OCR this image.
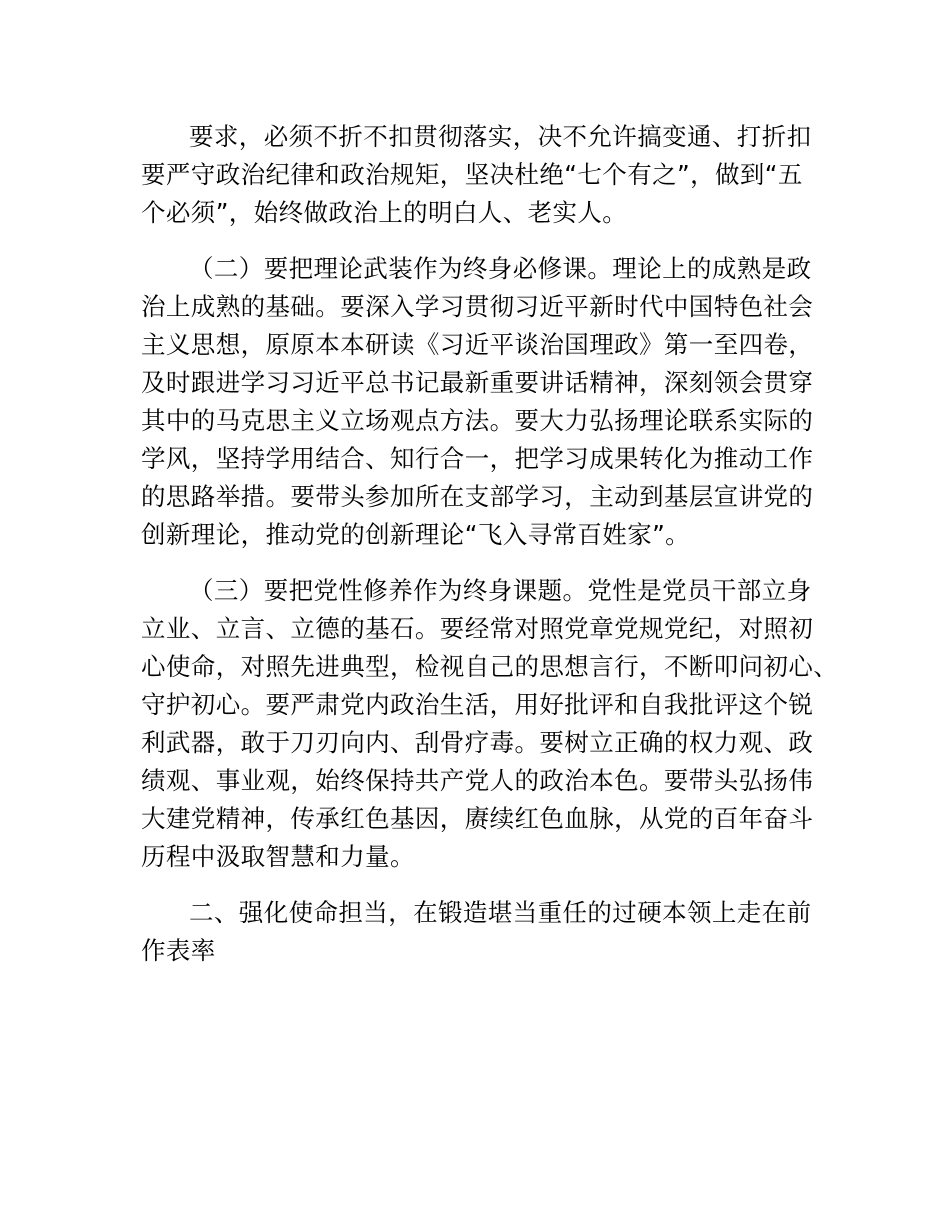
要求，必须不折不扣贯彻落实，决不允许搞变通、打折扣
要严守政治纪律和政治规矩，坚决杜绝“七个有之”，做到“五
个必须”，始终做政治上的明白人、老实人。
（二）要把理论武装作为终身必修课。理论上的成熟是政
治上成熟的基础。要深入学习贯彻习近平新时代中国特色社会
主义思想，原原本本研读《习近平谈治国理政》第一至四卷，
及时跟进学习习近平总书记最新重要讲话精神，深刻领会贯穿
其中的马克思主义立场观点方法。要大力弘扬理论联系实际的
学风，坚持学用结合、知行合一，把学习成果转化为推动工作
的思路举措。要带头参加所在支部学习，主动到基层宣讲党的
创新理论，推动党的创新理论“飞入寻常百姓家”。
（三）要把党性修养作为终身课题。党性是党员干部立身
立业、立言、立德的基石。要经常对照党章党规党纪，对照初
心使命，对照先进典型，检视自己的思想言行，不断叩问初心、
守护初心。要严肃党内政治生活，用好批评和自我批评这个锐
利武器，敢于刀刃向内、刮骨疗毒。要树立正确的权力观、政
绩观、事业观，始终保持共产党人的政治本色。要带头弘扬伟
大建党精神，传承红色基因，赓续红色血脉，从党的百年奋斗
历程中汲取智慧和力量。
二、强化使命担当，在锻造堪当重任的过硬本领上走在前
作表率
